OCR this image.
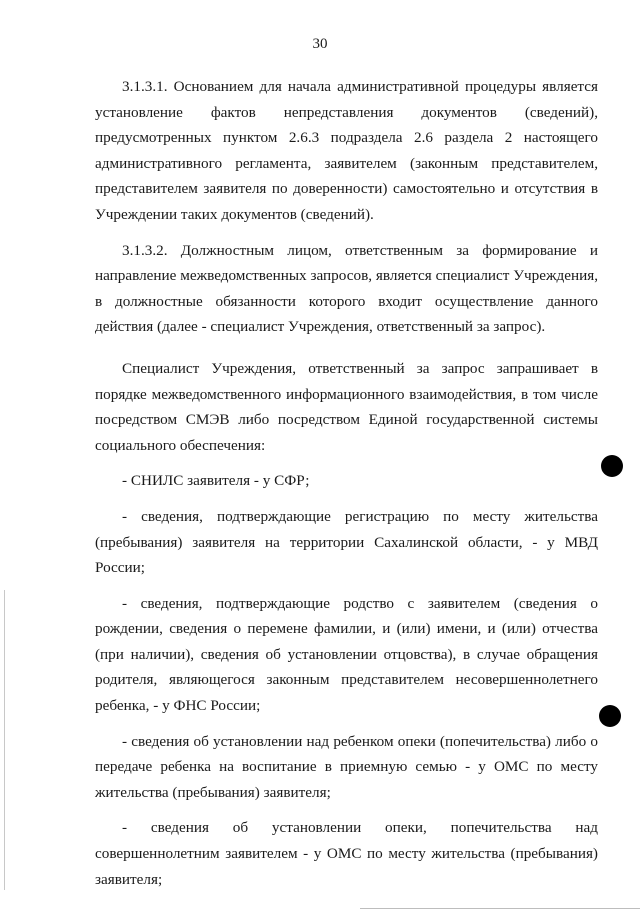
30

3.1.3.1. Основанием для начала административной процедуры является установление фактов непредставления документов (сведений), предусмотренных пунктом 2.6.3 подраздела 2.6 раздела 2 настоящего административного регламента, заявителем (законным представителем, представителем заявителя по доверенности) самостоятельно и отсутствия в Учреждении таких документов (сведений).

3.1.3.2. Должностным лицом, ответственным за формирование и направление межведомственных запросов, является специалист Учреждения, в должностные обязанности которого входит осуществление данного действия (далее - специалист Учреждения, ответственный за запрос).

Специалист Учреждения, ответственный за запрос запрашивает в порядке межведомственного информационного взаимодействия, в том числе посредством СМЭВ либо посредством Единой государственной системы социального обеспечения:

- СНИЛС заявителя - у СФР;

- сведения, подтверждающие регистрацию по месту жительства (пребывания) заявителя на территории Сахалинской области, - у МВД России;

- сведения, подтверждающие родство с заявителем (сведения о рождении, сведения о перемене фамилии, и (или) имени, и (или) отчества (при наличии), сведения об установлении отцовства), в случае обращения родителя, являющегося законным представителем несовершеннолетнего ребенка, - у ФНС России;

- сведения об установлении над ребенком опеки (попечительства) либо о передаче ребенка на воспитание в приемную семью - у ОМС по месту жительства (пребывания) заявителя;

- сведения об установлении опеки, попечительства над совершеннолетним заявителем - у ОМС по месту жительства (пребывания) заявителя;
